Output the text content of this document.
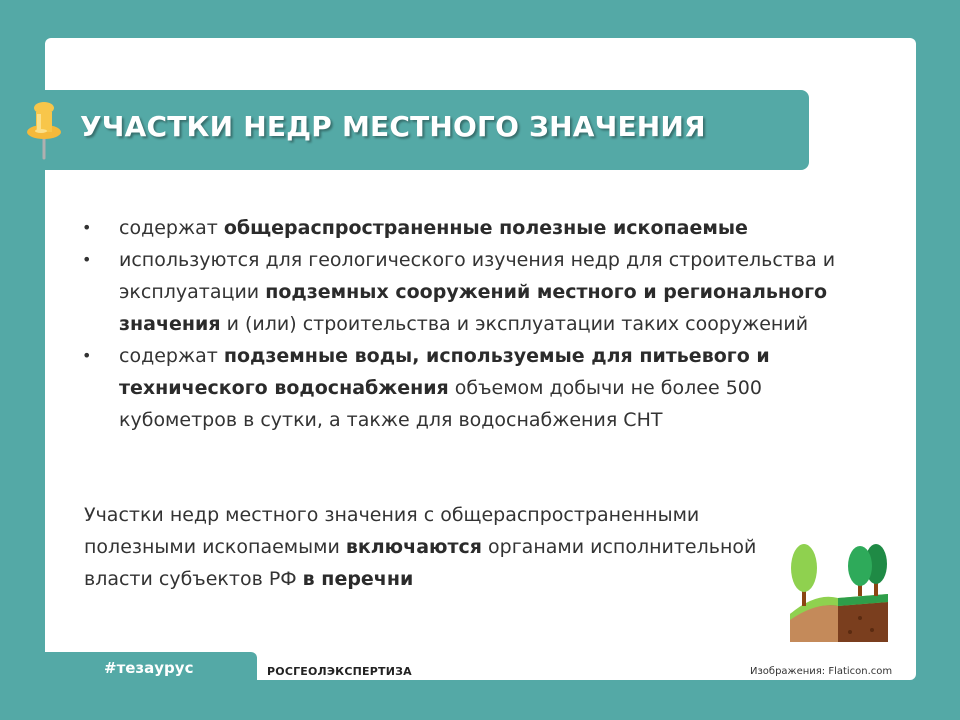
УЧАСТКИ НЕДР МЕСТНОГО ЗНАЧЕНИЯ
• содержат общераспространенные полезные ископаемые
• используются для геологического изучения недр для строительства и эксплуатации подземных сооружений местного и регионального значения и (или) строительства и эксплуатации таких сооружений
• содержат подземные воды, используемые для питьевого и технического водоснабжения объемом добычи не более 500 кубометров в сутки, а также для водоснабжения СНТ
Участки недр местного значения с общераспространенными полезными ископаемыми включаются органами исполнительной власти субъектов РФ в перечни
#тезаурус	РОСГЕОЛЭКСПЕРТИЗА	Изображения: Flaticon.com
